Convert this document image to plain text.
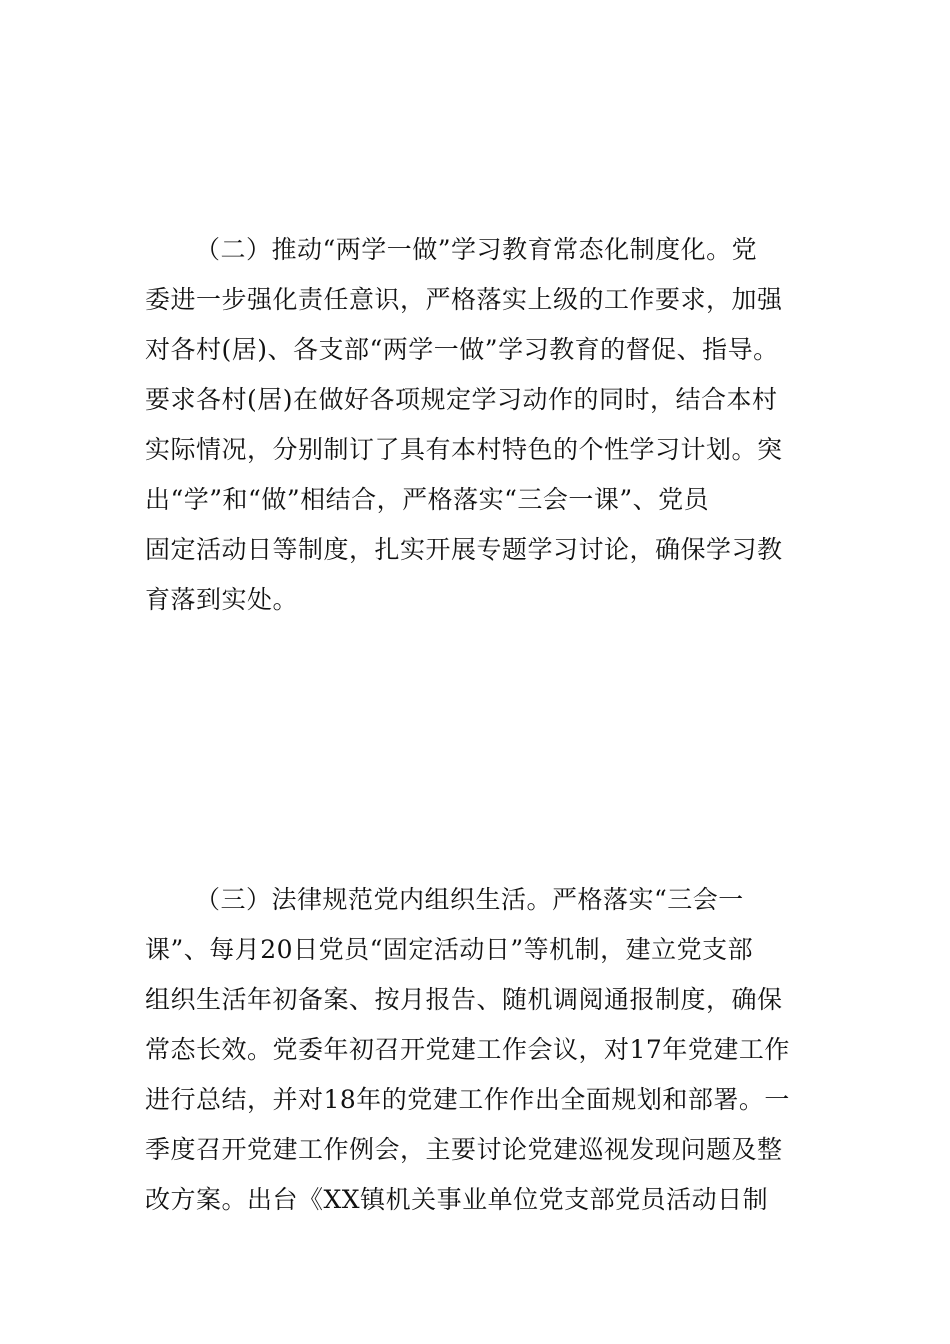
（二）推动“两学一做”学习教育常态化制度化。党
委进一步强化责任意识，严格落实上级的工作要求，加强
对各村(居)、各支部“两学一做”学习教育的督促、指导。
要求各村(居)在做好各项规定学习动作的同时，结合本村
实际情况，分别制订了具有本村特色的个性学习计划。突
出“学”和“做”相结合，严格落实“三会一课”、党员
固定活动日等制度，扎实开展专题学习讨论，确保学习教
育落到实处。
（三）法律规范党内组织生活。严格落实“三会一
课”、每月20日党员“固定活动日”等机制，建立党支部
组织生活年初备案、按月报告、随机调阅通报制度，确保
常态长效。党委年初召开党建工作会议，对17年党建工作
进行总结，并对18年的党建工作作出全面规划和部署。一
季度召开党建工作例会，主要讨论党建巡视发现问题及整
改方案。出台《XX镇机关事业单位党支部党员活动日制
